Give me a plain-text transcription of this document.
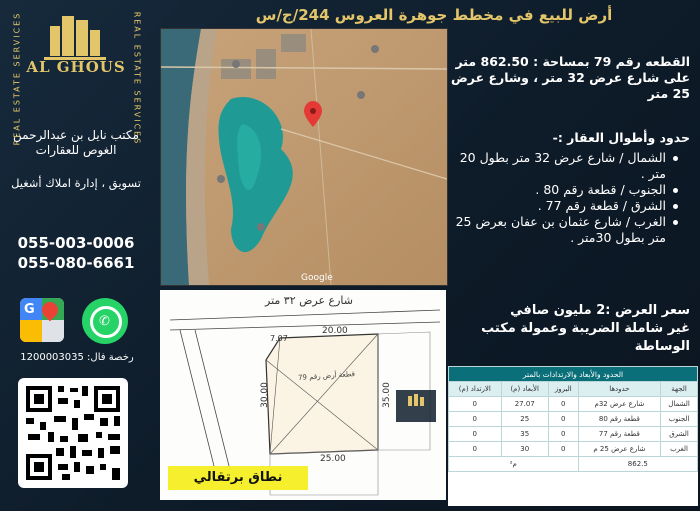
AL GHOUS
REAL ESTATE SERVICES	REAL ESTATE SERVICES
مكتب نايل بن عبدالرحمن
الغوص للعقارات
تسويق ، إدارة املاك أشغيل
055-003-0006
055-080-6661
G
✆
رخصة فال: 1200003035
أرض للبيع في مخطط جوهرة العروس 244/ج/س
Google
القطعه رقم 79 بمساحة : 862.50 متر
على شارع عرض 32 متر ، وشارع عرض
25 متر
حدود وأطوال العقار :-
الشمال / شارع عرض 32 متر بطول 20 متر .
الجنوب / قطعة رقم 80 .
الشرق / قطعة رقم 77 .
الغرب / شارع عثمان بن عفان بعرض 25 متر بطول 30متر .
سعر العرض :2 مليون صافي
غير شاملة الضريبة وعمولة مكتب
الوساطة
شارع عرض ٣٢ متر
20.00
7.07
30.00	35.00
25.00
قطعة أرض رقم 79
نطاق برتقالي
الحدود والأبعاد والارتدادات بالمتر				
الجهة	حدودها	البروز	الأبعاد (م)	الارتداد (م)
الشمال	شارع عرض 32م	0	27.07	0
الجنوب	قطعة رقم 80	0	25	0
الشرق	قطعة رقم 77	0	35	0
الغرب	شارع عرض 25 م	0	30	0
862.5		م²		
